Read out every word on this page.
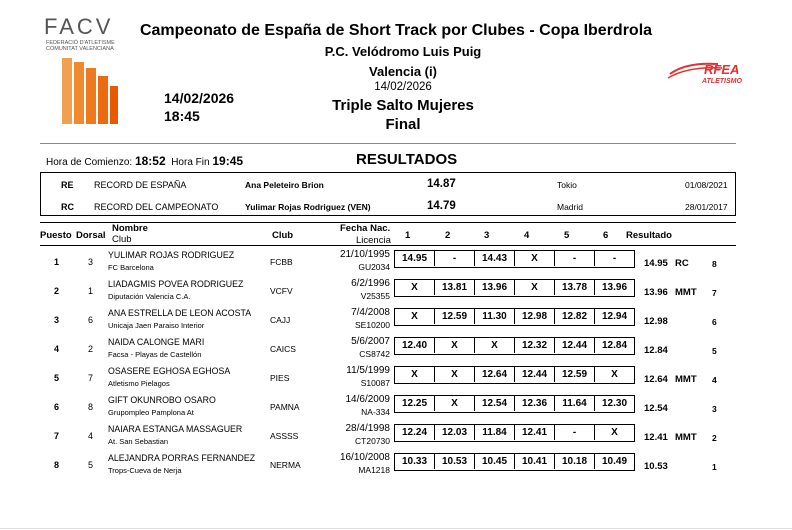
FACV
FEDERACIÓ D'ATLETISME
COMUNITAT VALENCIANA
Campeonato de España de Short Track por Clubes - Copa Iberdrola
P.C. Velódromo Luis Puig
Valencia (i)
14/02/2026
Triple Salto Mujeres
Final
14/02/2026
18:45
RFEA
ATLETISMO
Hora de Comienzo: 18:52 Hora Fin 19:45	RESULTADOS
RE RECORD DE ESPAÑA	Ana Peleteiro Brion	14.87	Tokio	01/08/2021
RC RECORD DEL CAMPEONATO	Yulimar Rojas Rodriguez (VEN)	14.79	Madrid	28/01/2017
Puesto Dorsal
Nombre
Club	Club
Fecha Nac.
Licencia 1	2	3	4	5	6 Resultado
1	3
YULIMAR ROJAS RODRIGUEZ
FC Barcelona
FCBB
21/10/1995
GU2034
14.95	-	14.43	X	-	-	14.95 RC	8
2	1
LIADAGMIS POVEA RODRIGUEZ
Diputación Valencia C.A.
VCFV
6/2/1996
V25355
X	13.81	13.96	X	13.78	13.96	13.96 MMT 7
3	6
ANA ESTRELLA DE LEON ACOSTA
Unicaja Jaen Paraiso Interior
CAJJ
7/4/2008
SE10200
X	12.59	11.30	12.98	12.82	12.94	12.98	6
4	2
NAIDA CALONGE MARI
Facsa - Playas de Castellón
CAICS
5/6/2007
CS8742
12.40	X	X	12.32	12.44	12.84	12.84	5
5	7
OSASERE EGHOSA EGHOSA
Atletismo Pielagos
PIES
11/5/1999
S10087
X	X	12.64	12.44	12.59	X	12.64 MMT 4
6	8
GIFT OKUNROBO OSARO
Grupompleo Pamplona At
PAMNA
14/6/2009
NA-334
12.25	X	12.54	12.36	11.64	12.30	12.54	3
7	4
NAIARA ESTANGA MASSAGUER
At. San Sebastian
ASSSS
28/4/1998
CT20730
12.24	12.03	11.84	12.41	-	X	12.41 MMT 2
8	5
ALEJANDRA PORRAS FERNANDEZ
Trops-Cueva de Nerja
NERMA
16/10/2008
MA1218
10.33	10.53	10.45	10.41	10.18	10.49	10.53	1
